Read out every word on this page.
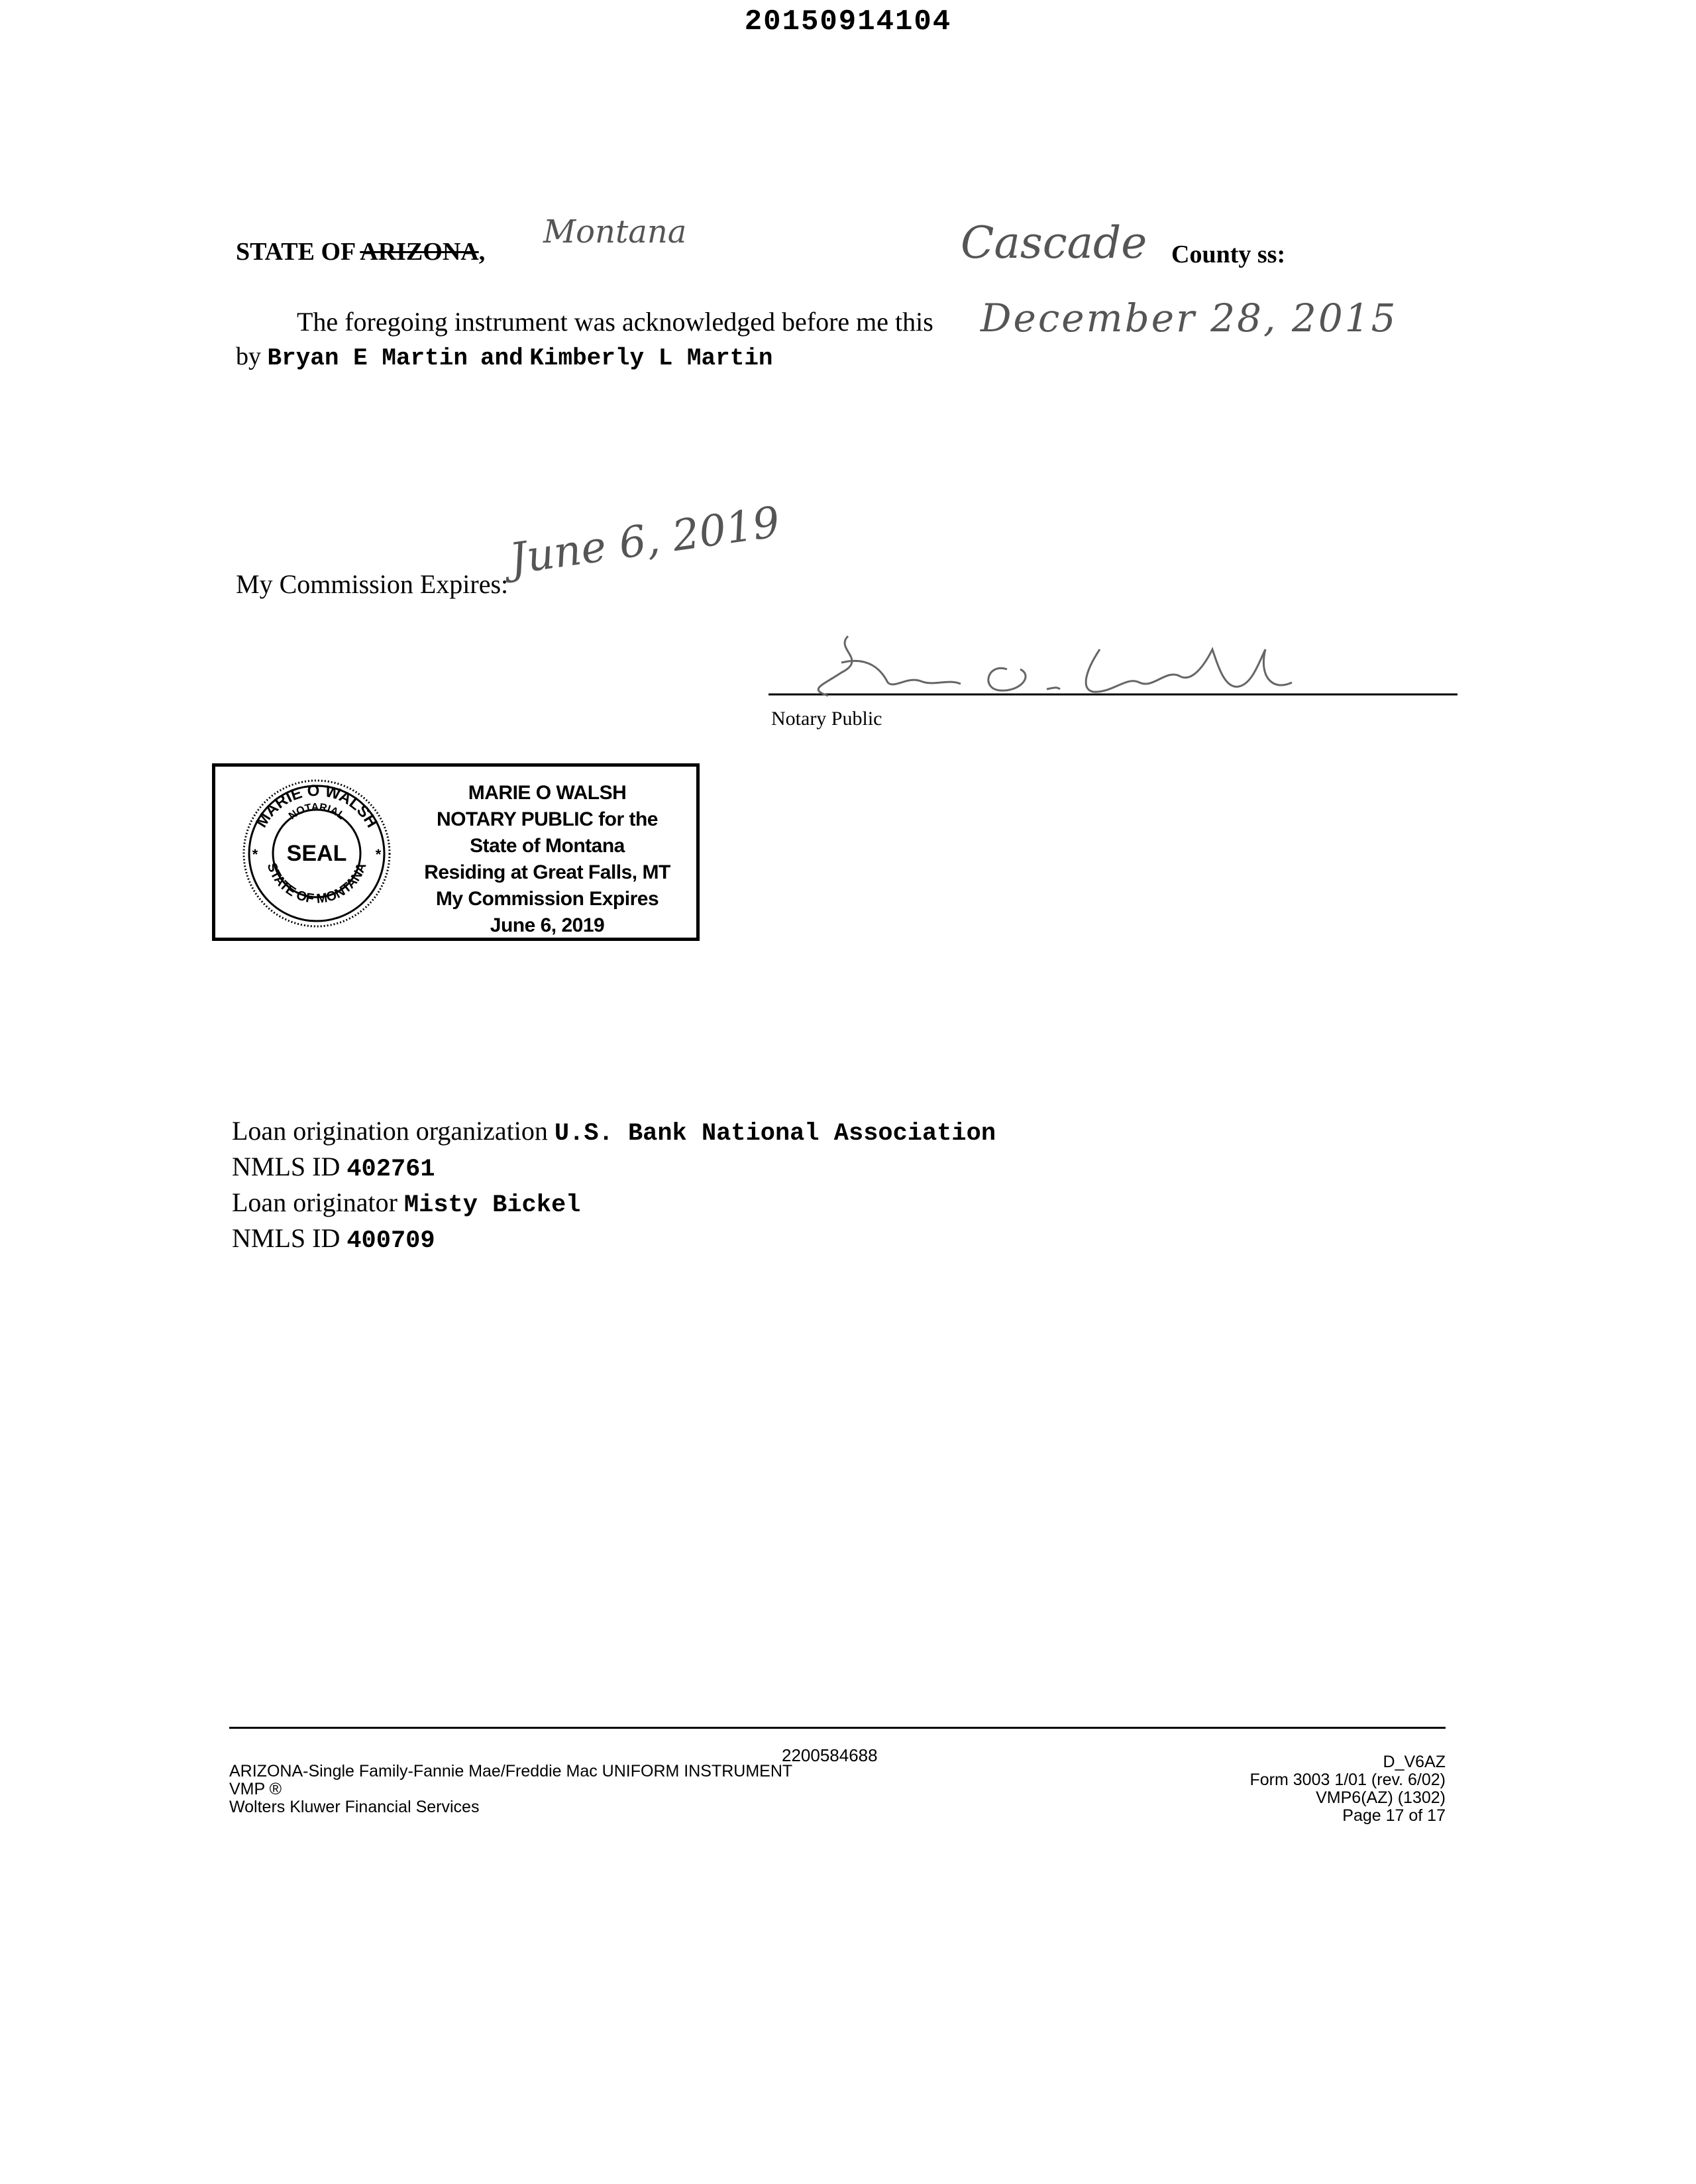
20150914104
STATE OF ARIZONA,
Montana	Cascade County ss:
The foregoing instrument was acknowledged before me this December 28, 2015
by Bryan E Martin and Kimberly L Martin
My Commission Expires:
June 6, 2019
Notary Public
MARIE O WALSH
STATE OF MONTANA
NOTARIAL
SEAL
*	*
MARIE O WALSH
NOTARY PUBLIC for the
State of Montana
Residing at Great Falls, MT
My Commission Expires
June 6, 2019
Loan origination organization U.S. Bank National Association
NMLS ID 402761
Loan originator Misty Bickel
NMLS ID 400709
2200584688
ARIZONA-Single Family-Fannie Mae/Freddie Mac UNIFORM INSTRUMENT
VMP ®
Wolters Kluwer Financial Services
D_V6AZ
Form 3003 1/01 (rev. 6/02)
VMP6(AZ) (1302)
Page 17 of 17
